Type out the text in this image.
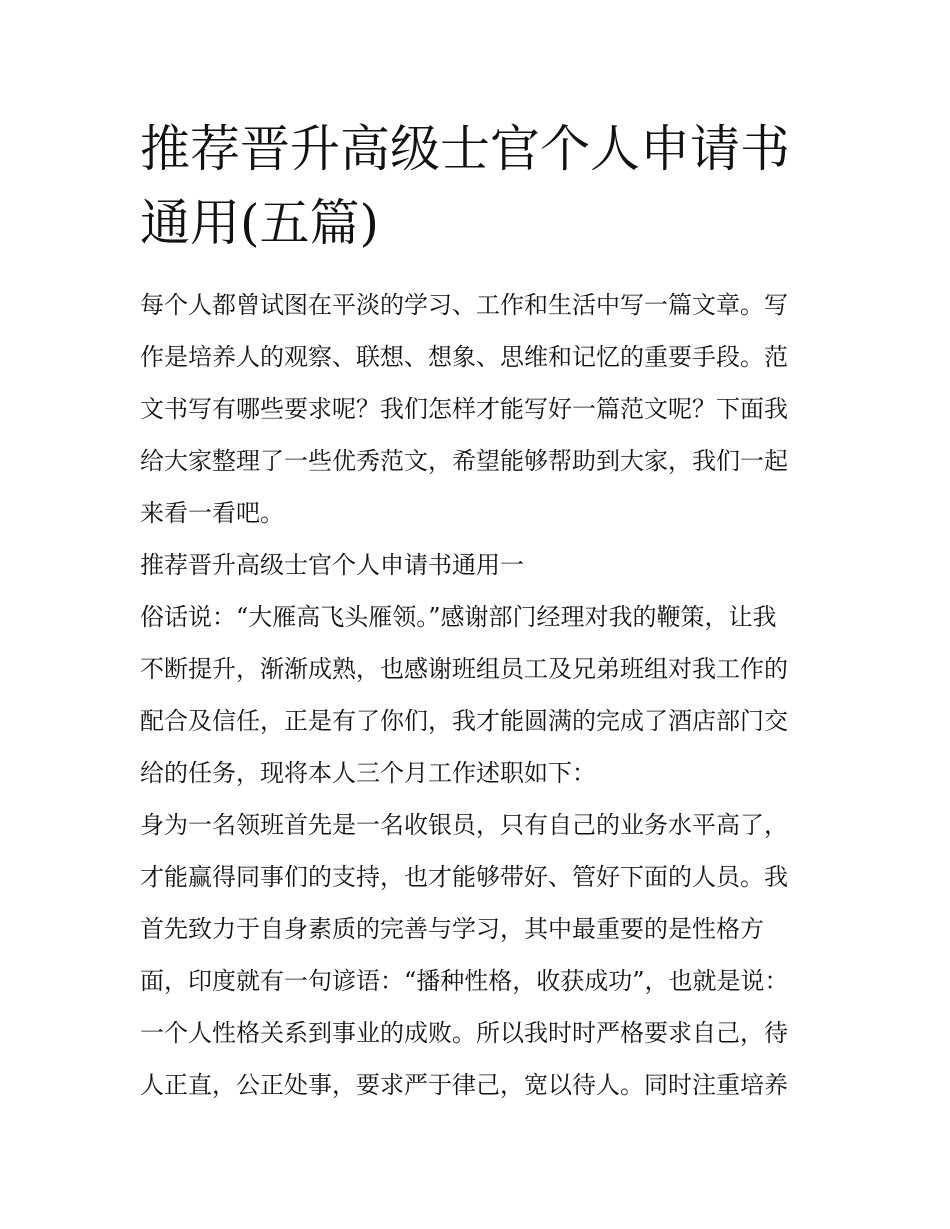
推荐晋升高级士官个人申请书
通用(五篇)

每个人都曾试图在平淡的学习、工作和生活中写一篇文章。写

作是培养人的观察、联想、想象、思维和记忆的重要手段。范

文书写有哪些要求呢？我们怎样才能写好一篇范文呢？下面我

给大家整理了一些优秀范文，希望能够帮助到大家，我们一起

来看一看吧。

推荐晋升高级士官个人申请书通用一

俗话说：“大雁高飞头雁领。”感谢部门经理对我的鞭策，让我

不断提升，渐渐成熟，也感谢班组员工及兄弟班组对我工作的

配合及信任，正是有了你们，我才能圆满的完成了酒店部门交

给的任务，现将本人三个月工作述职如下：

身为一名领班首先是一名收银员，只有自己的业务水平高了，

才能赢得同事们的支持，也才能够带好、管好下面的人员。我

首先致力于自身素质的完善与学习，其中最重要的是性格方

面，印度就有一句谚语：“播种性格，收获成功”，也就是说：

一个人性格关系到事业的成败。所以我时时严格要求自己，待

人正直，公正处事，要求严于律己，宽以待人。同时注重培养
